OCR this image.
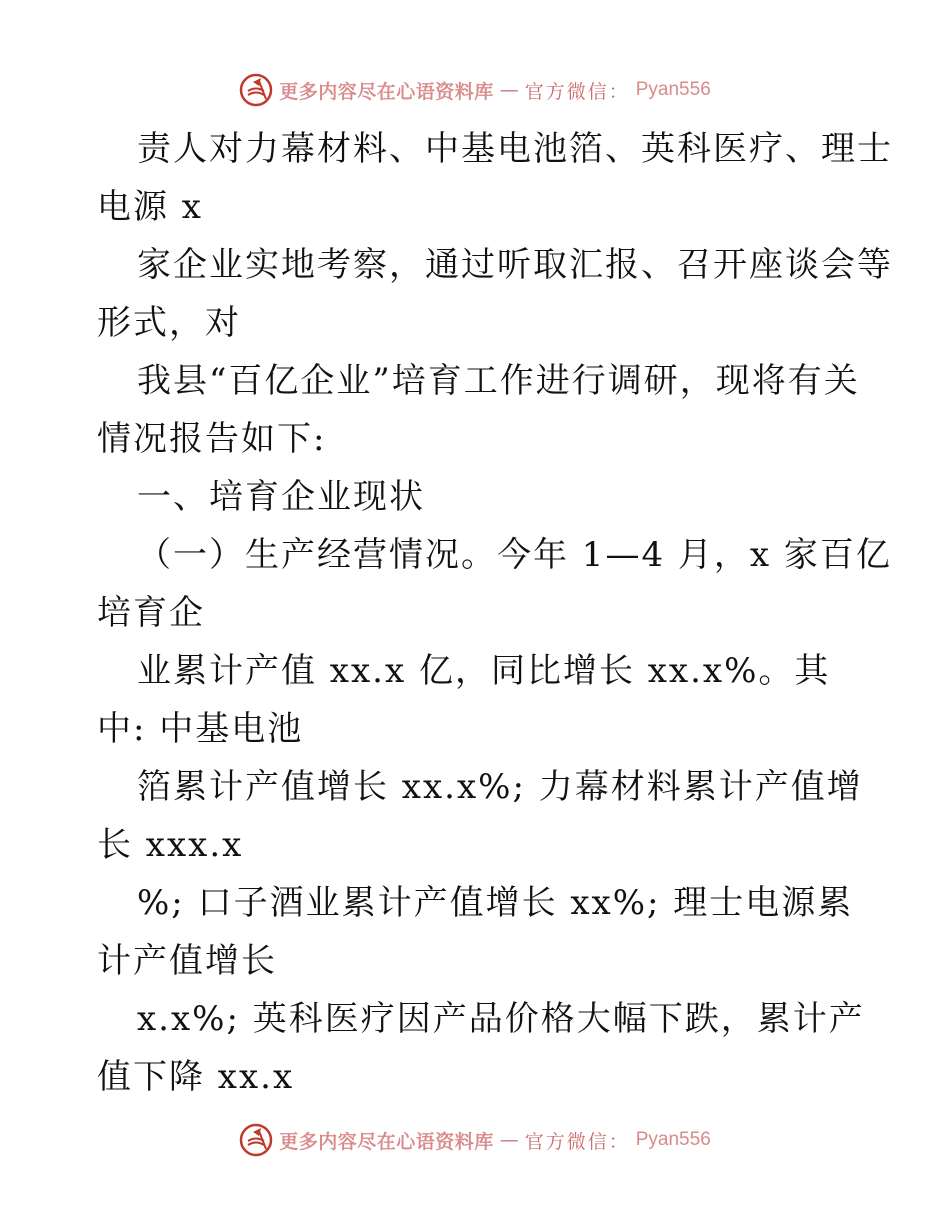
更多内容尽在心语资料库 — 官方微信： Pyan556
责人对力幕材料、中基电池箔、英科医疗、理士
电源 x
家企业实地考察，通过听取汇报、召开座谈会等
形式，对
我县“百亿企业”培育工作进行调研，现将有关
情况报告如下:
一、培育企业现状
（一）生产经营情况。今年 1—4 月，x 家百亿
培育企
业累计产值 xx.x 亿，同比增长 xx.x%。其
中: 中基电池
箔累计产值增长 xx.x%; 力幕材料累计产值增
长 xxx.x
%; 口子酒业累计产值增长 xx%; 理士电源累
计产值增长
x.x%; 英科医疗因产品价格大幅下跌，累计产
值下降 xx.x
更多内容尽在心语资料库 — 官方微信： Pyan556
